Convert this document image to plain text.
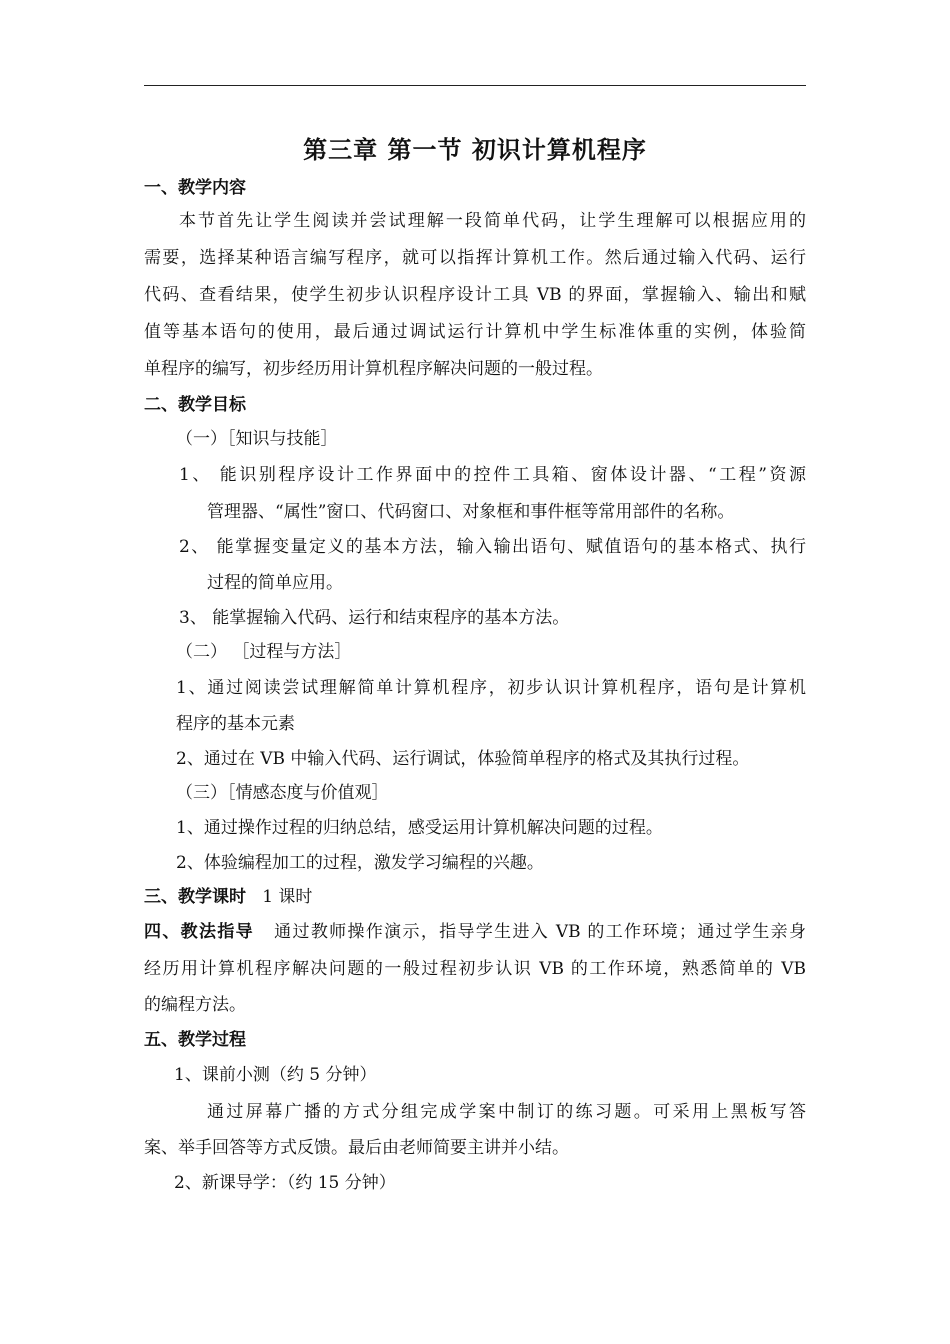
第三章 第一节 初识计算机程序
一、教学内容
本节首先让学生阅读并尝试理解一段简单代码，让学生理解可以根据应用的
需要，选择某种语言编写程序，就可以指挥计算机工作。然后通过输入代码、运行
代码、查看结果，使学生初步认识程序设计工具 VB 的界面，掌握输入、输出和赋
值等基本语句的使用，最后通过调试运行计算机中学生标准体重的实例，体验简
单程序的编写，初步经历用计算机程序解决问题的一般过程。
二、教学目标
（一）［知识与技能］
1、 能识别程序设计工作界面中的控件工具箱、窗体设计器、“工程”资源
管理器、“属性”窗口、代码窗口、对象框和事件框等常用部件的名称。
2、 能掌握变量定义的基本方法，输入输出语句、赋值语句的基本格式、执行
过程的简单应用。
3、 能掌握输入代码、运行和结束程序的基本方法。
（二） ［过程与方法］
1、通过阅读尝试理解简单计算机程序，初步认识计算机程序，语句是计算机
程序的基本元素
2、通过在 VB 中输入代码、运行调试，体验简单程序的格式及其执行过程。
（三）［情感态度与价值观］
1、通过操作过程的归纳总结，感受运用计算机解决问题的过程。
2、体验编程加工的过程，激发学习编程的兴趣。
三、教学课时   1 课时
四、教法指导   通过教师操作演示，指导学生进入 VB 的工作环境；通过学生亲身
经历用计算机程序解决问题的一般过程初步认识 VB 的工作环境，熟悉简单的 VB
的编程方法。
五、教学过程
1、课前小测（约 5 分钟）
通过屏幕广播的方式分组完成学案中制订的练习题。可采用上黑板写答
案、举手回答等方式反馈。最后由老师简要主讲并小结。
2、新课导学：（约 15 分钟）
